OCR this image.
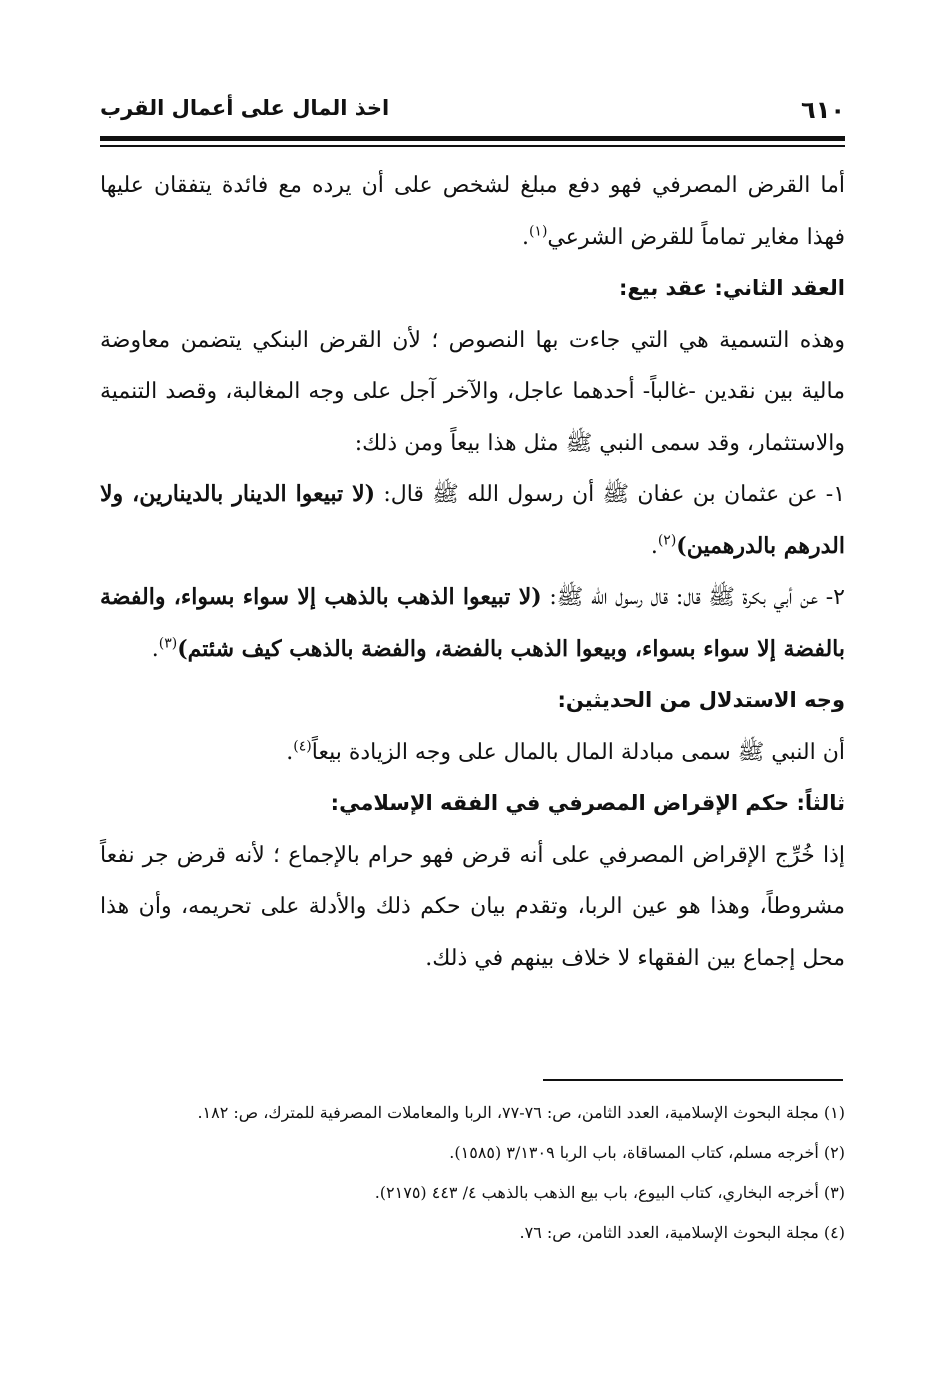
٦١٠
اخذ المال على أعمال القرب

أما القرض المصرفي فهو دفع مبلغ لشخص على أن يرده مع فائدة يتفقان عليها فهذا مغاير تماماً للقرض الشرعي$^{(١)}$.

العقد الثاني: عقد بيع:

وهذه التسمية هي التي جاءت بها النصوص ؛ لأن القرض البنكي يتضمن معاوضة مالية بين نقدين -غالباً- أحدهما عاجل، والآخر آجل على وجه المغالبة، وقصد التنمية والاستثمار، وقد سمى النبي ﷺ مثل هذا بيعاً ومن ذلك:

١- عن عثمان بن عفان ﷺ أن رسول الله ﷺ قال: (لا تبيعوا الدينار بالدينارين، ولا الدرهم بالدرهمين)$^{(٢)}$.

٢- عن أبي بكرة ﷺ قال: قال رسول الله ﷺ: (لا تبيعوا الذهب بالذهب إلا سواء بسواء، والفضة بالفضة إلا سواء بسواء، وبيعوا الذهب بالفضة، والفضة بالذهب كيف شئتم)$^{(٣)}$.

وجه الاستدلال من الحديثين:

أن النبي ﷺ سمى مبادلة المال بالمال على وجه الزيادة بيعاً$^{(٤)}$.

ثالثاً: حكم الإقراض المصرفي في الفقه الإسلامي:

إذا خُرِّج الإقراض المصرفي على أنه قرض فهو حرام بالإجماع ؛ لأنه قرض جر نفعاً مشروطاً، وهذا هو عين الربا، وتقدم بيان حكم ذلك والأدلة على تحريمه، وأن هذا محل إجماع بين الفقهاء لا خلاف بينهم في ذلك.

(١) مجلة البحوث الإسلامية، العدد الثامن، ص: ٧٦-٧٧، الربا والمعاملات المصرفية للمترك، ص: ١٨٢.

(٢) أخرجه مسلم، كتاب المساقاة، باب الربا ٣/١٣٠٩ (١٥٨٥).

(٣) أخرجه البخاري، كتاب البيوع، باب بيع الذهب بالذهب ٤/ ٤٤٣ (٢١٧٥).

(٤) مجلة البحوث الإسلامية، العدد الثامن، ص: ٧٦.
